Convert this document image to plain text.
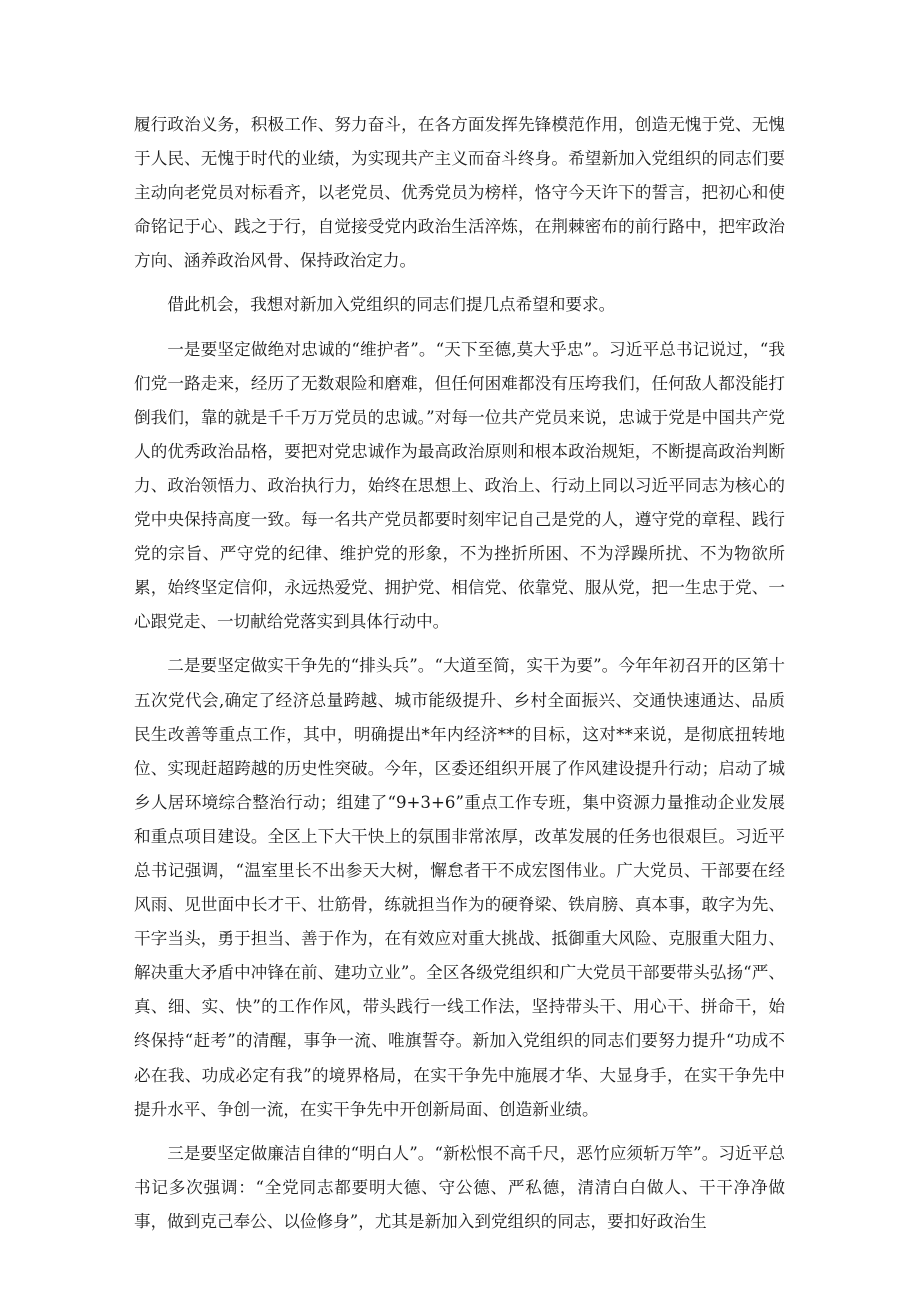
履行政治义务，积极工作、努力奋斗，在各方面发挥先锋模范作用，创造无愧于党、无愧于人民、无愧于时代的业绩，为实现共产主义而奋斗终身。希望新加入党组织的同志们要主动向老党员对标看齐，以老党员、优秀党员为榜样，恪守今天许下的誓言，把初心和使命铭记于心、践之于行，自觉接受党内政治生活淬炼，在荆棘密布的前行路中，把牢政治方向、涵养政治风骨、保持政治定力。

借此机会，我想对新加入党组织的同志们提几点希望和要求。

一是要坚定做绝对忠诚的“维护者”。“天下至德,莫大乎忠”。习近平总书记说过，“我们党一路走来，经历了无数艰险和磨难，但任何困难都没有压垮我们，任何敌人都没能打倒我们，靠的就是千千万万党员的忠诚。”对每一位共产党员来说，忠诚于党是中国共产党人的优秀政治品格，要把对党忠诚作为最高政治原则和根本政治规矩，不断提高政治判断力、政治领悟力、政治执行力，始终在思想上、政治上、行动上同以习近平同志为核心的党中央保持高度一致。每一名共产党员都要时刻牢记自己是党的人，遵守党的章程、践行党的宗旨、严守党的纪律、维护党的形象，不为挫折所困、不为浮躁所扰、不为物欲所累，始终坚定信仰，永远热爱党、拥护党、相信党、依靠党、服从党，把一生忠于党、一心跟党走、一切献给党落实到具体行动中。

二是要坚定做实干争先的“排头兵”。“大道至简，实干为要”。今年年初召开的区第十五次党代会,确定了经济总量跨越、城市能级提升、乡村全面振兴、交通快速通达、品质民生改善等重点工作，其中，明确提出*年内经济**的目标，这对**来说，是彻底扭转地位、实现赶超跨越的历史性突破。今年，区委还组织开展了作风建设提升行动；启动了城乡人居环境综合整治行动；组建了“9+3+6”重点工作专班，集中资源力量推动企业发展和重点项目建设。全区上下大干快上的氛围非常浓厚，改革发展的任务也很艰巨。习近平总书记强调，“温室里长不出参天大树，懈怠者干不成宏图伟业。广大党员、干部要在经风雨、见世面中长才干、壮筋骨，练就担当作为的硬脊梁、铁肩膀、真本事，敢字为先、干字当头，勇于担当、善于作为，在有效应对重大挑战、抵御重大风险、克服重大阻力、解决重大矛盾中冲锋在前、建功立业”。全区各级党组织和广大党员干部要带头弘扬“严、真、细、实、快”的工作作风，带头践行一线工作法，坚持带头干、用心干、拼命干，始终保持“赶考”的清醒，事争一流、唯旗誓夺。新加入党组织的同志们要努力提升“功成不必在我、功成必定有我”的境界格局，在实干争先中施展才华、大显身手，在实干争先中提升水平、争创一流，在实干争先中开创新局面、创造新业绩。

三是要坚定做廉洁自律的“明白人”。“新松恨不高千尺，恶竹应须斩万竿”。习近平总书记多次强调：“全党同志都要明大德、守公德、严私德，清清白白做人、干干净净做事，做到克己奉公、以俭修身”，尤其是新加入到党组织的同志，要扣好政治生
